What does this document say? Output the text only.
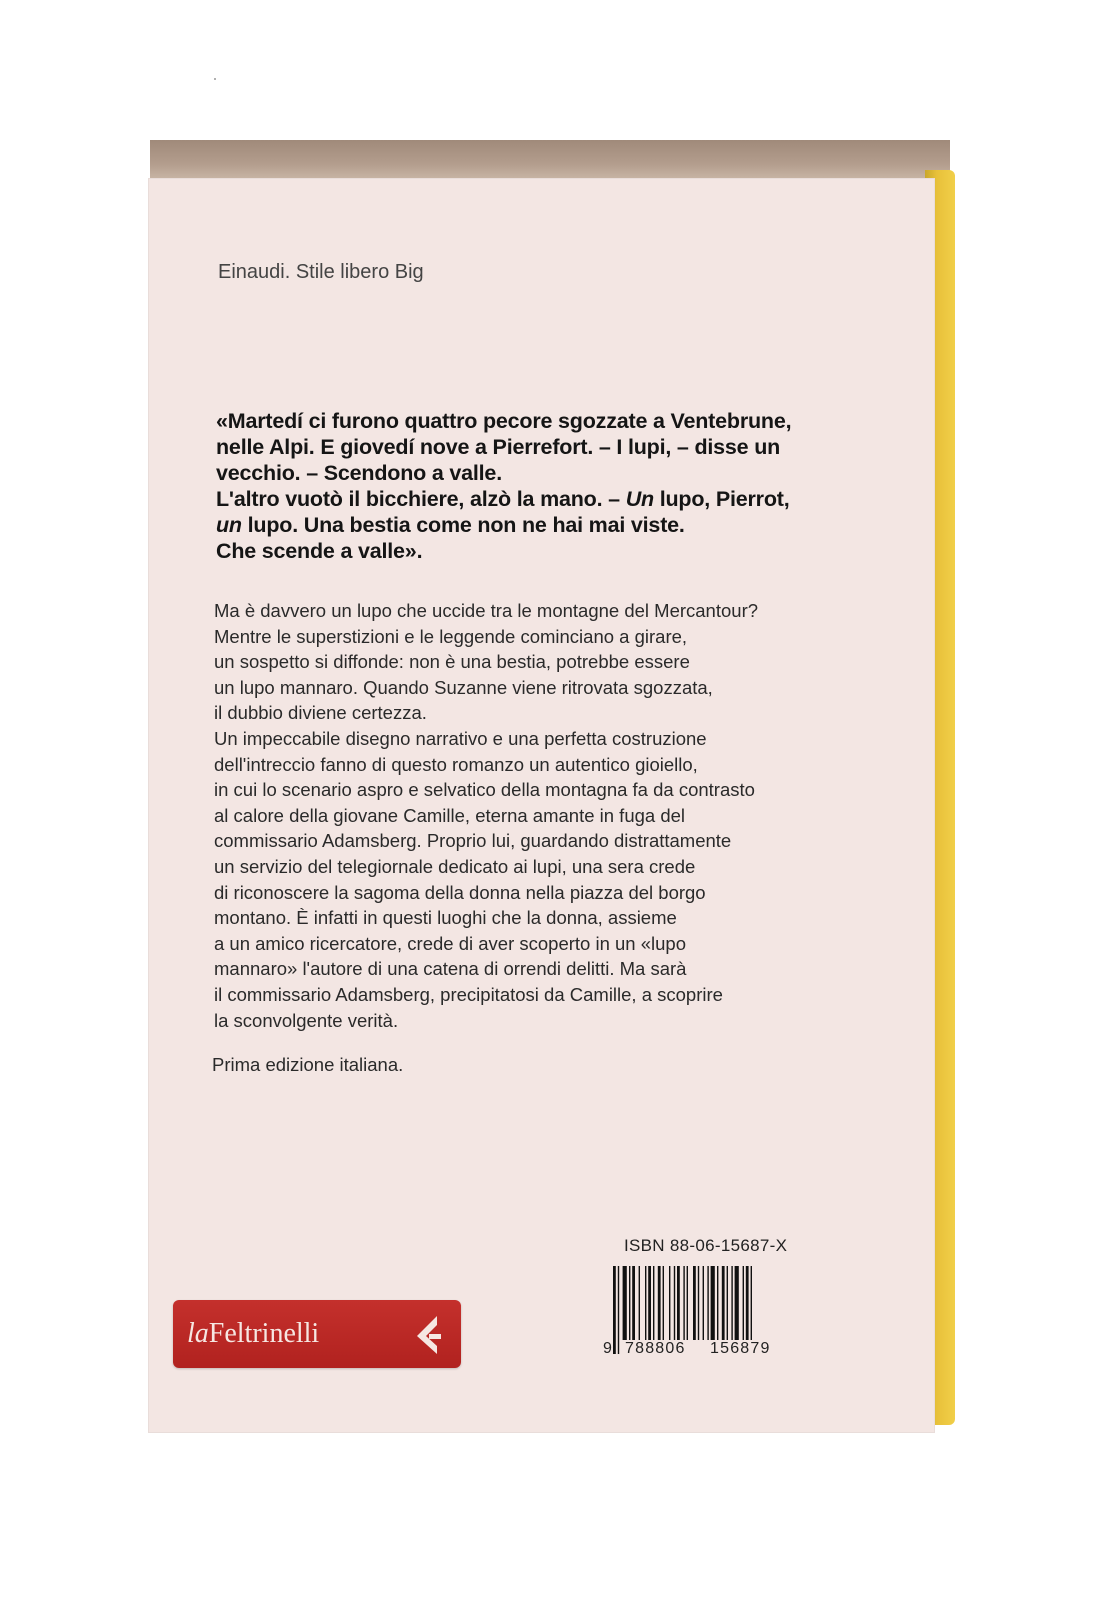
Einaudi. Stile libero Big
«Martedí ci furono quattro pecore sgozzate a Ventebrune,
nelle Alpi. E giovedí nove a Pierrefort. – I lupi, – disse un
vecchio. – Scendono a valle.
L'altro vuotò il bicchiere, alzò la mano. – Un lupo, Pierrot,
un lupo. Una bestia come non ne hai mai viste.
Che scende a valle».
Ma è davvero un lupo che uccide tra le montagne del Mercantour?
Mentre le superstizioni e le leggende cominciano a girare,
un sospetto si diffonde: non è una bestia, potrebbe essere
un lupo mannaro. Quando Suzanne viene ritrovata sgozzata,
il dubbio diviene certezza.
Un impeccabile disegno narrativo e una perfetta costruzione
dell'intreccio fanno di questo romanzo un autentico gioiello,
in cui lo scenario aspro e selvatico della montagna fa da contrasto
al calore della giovane Camille, eterna amante in fuga del
commissario Adamsberg. Proprio lui, guardando distrattamente
un servizio del telegiornale dedicato ai lupi, una sera crede
di riconoscere la sagoma della donna nella piazza del borgo
montano. È infatti in questi luoghi che la donna, assieme
a un amico ricercatore, crede di aver scoperto in un «lupo
mannaro» l'autore di una catena di orrendi delitti. Ma sarà
il commissario Adamsberg, precipitatosi da Camille, a scoprire
la sconvolgente verità.
Prima edizione italiana.
ISBN 88-06-15687-X
9 788806 156879
laFeltrinelli
